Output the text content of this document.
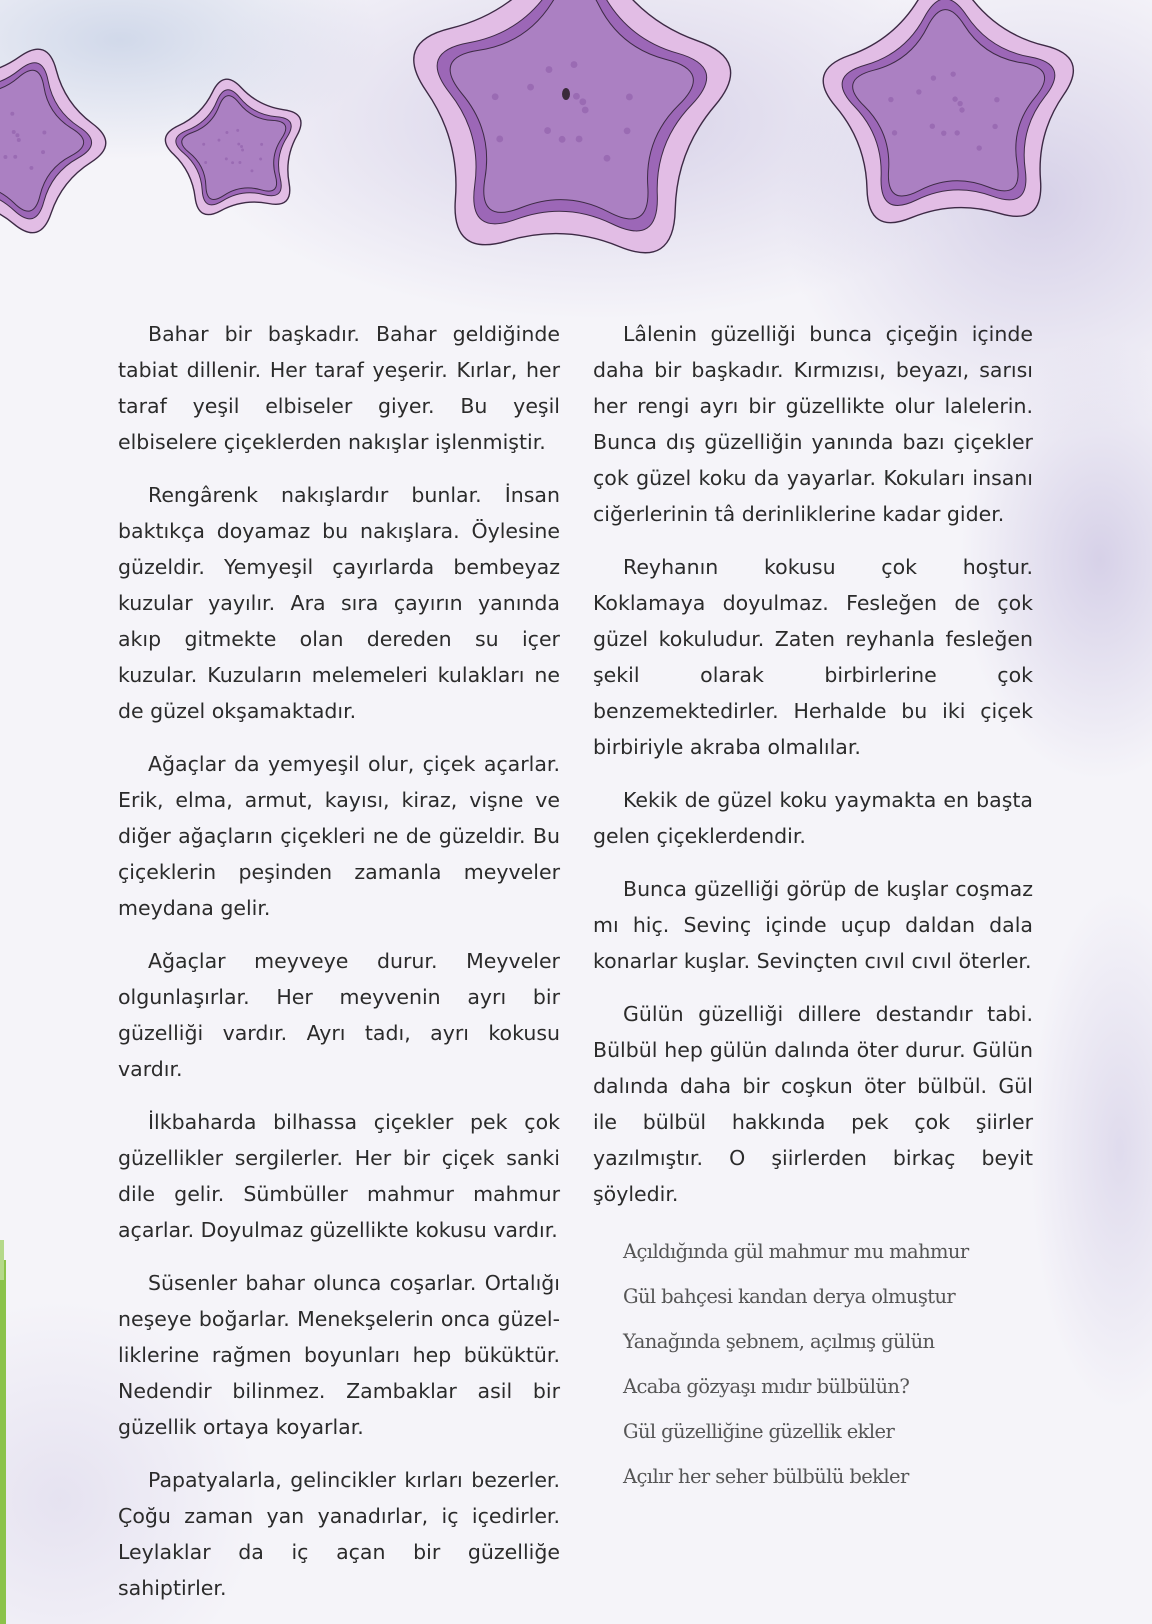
Bahar bir başkadır. Bahar geldiğinde tabiat dillenir. Her taraf yeşerir. Kırlar, her taraf yeşil elbiseler giyer. Bu yeşil elbiselere çiçeklerden nakışlar işlenmiştir.

Rengârenk nakışlardır bunlar. İnsan baktıkça doyamaz bu nakışlara. Öylesine güzeldir. Yemyeşil çayırlarda bembeyaz kuzular yayılır. Ara sıra çayırın yanında akıp gitmekte olan dereden su içer kuzular. Kuzuların melemeleri kulakları ne de güzel okşamaktadır.

Ağaçlar da yemyeşil olur, çiçek açarlar. Erik, elma, armut, kayısı, kiraz, vişne ve diğer ağaçların çiçekleri ne de güzeldir. Bu çiçeklerin peşinden zamanla meyveler meydana gelir.

Ağaçlar meyveye durur. Meyveler olgunlaşırlar. Her meyvenin ayrı bir güzelliği vardır. Ayrı tadı, ayrı kokusu vardır.

İlkbaharda bilhassa çiçekler pek çok güzellikler sergilerler. Her bir çiçek sanki dile gelir. Sümbüller mahmur mahmur açarlar. Doyulmaz güzellikte kokusu vardır.

Süsenler bahar olunca coşarlar. Ortalığı neşeye boğarlar. Menekşelerin onca güzelliklerine rağmen boyunları hep büküktür. Nedendir bilinmez. Zambaklar asil bir güzellik ortaya koyarlar.

Papatyalarla, gelincikler kırları bezerler. Çoğu zaman yan yanadırlar, iç içedirler. Leylaklar da iç açan bir güzelliğe sahiptirler.

Lâlenin güzelliği bunca çiçeğin içinde daha bir başkadır. Kırmızısı, beyazı, sarısı her rengi ayrı bir güzellikte olur lalelerin. Bunca dış güzelliğin yanında bazı çiçekler çok güzel koku da yayarlar. Kokuları insanı ciğerlerinin tâ derinliklerine kadar gider.

Reyhanın kokusu çok hoştur. Koklamaya doyulmaz. Fesleğen de çok güzel kokuludur. Zaten reyhanla fesleğen şekil olarak birbirlerine çok benzemektedirler. Herhalde bu iki çiçek birbiriyle akraba olmalılar.

Kekik de güzel koku yaymakta en başta gelen çiçeklerdendir.

Bunca güzelliği görüp de kuşlar coşmaz mı hiç. Sevinç içinde uçup daldan dala konarlar kuşlar. Sevinçten cıvıl cıvıl öterler.

Gülün güzelliği dillere destandır tabi. Bülbül hep gülün dalında öter durur. Gülün dalında daha bir coşkun öter bülbül. Gül ile bülbül hakkında pek çok şiirler yazılmıştır. O şiirlerden birkaç beyit şöyledir.

Açıldığında gül mahmur mu mahmur
Gül bahçesi kandan derya olmuştur
Yanağında şebnem, açılmış gülün
Acaba gözyaşı mıdır bülbülün?
Gül güzelliğine güzellik ekler
Açılır her seher bülbülü bekler
